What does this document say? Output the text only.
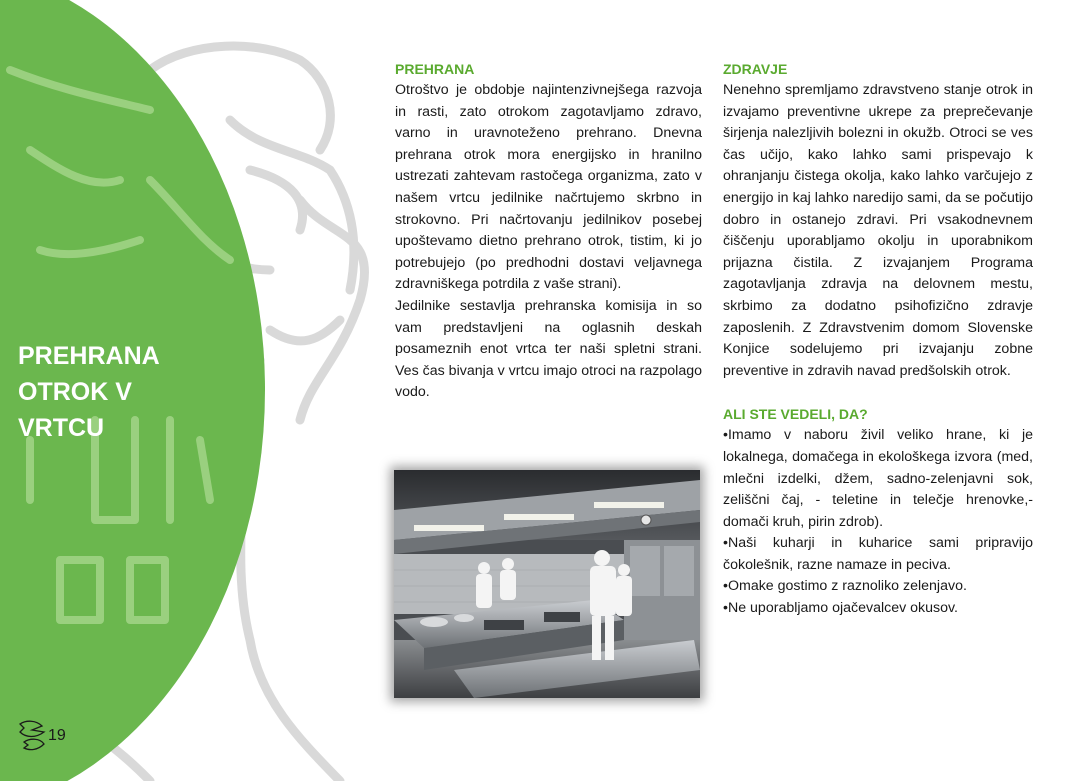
PREHRANA
OTROK V
VRTCU
19
PREHRANA

Otroštvo je obdobje najintenzivnejšega razvoja in rasti, zato otrokom zagotavljamo zdravo, varno in uravnoteženo prehrano. Dnevna prehrana otrok mora energijsko in hranilno ustrezati zahtevam rastočega organizma, zato v našem vrtcu jedilnike načrtujemo skrbno in strokovno. Pri načrtovanju jedilnikov posebej upoštevamo dietno prehrano otrok, tistim, ki jo potrebujejo (po predhodni dostavi veljavnega zdravniškega potrdila z vaše strani).

Jedilnike sestavlja prehranska komisija in so vam predstavljeni na oglasnih deskah posameznih enot vrtca ter naši spletni strani. Ves čas bivanja v vrtcu imajo otroci na razpolago vodo.

ZDRAVJE

Nenehno spremljamo zdravstveno stanje otrok in izvajamo preventivne ukrepe za preprečevanje širjenja nalezljivih bolezni in okužb. Otroci se ves čas učijo, kako lahko sami prispevajo k ohranjanju čistega okolja, kako lahko varčujejo z energijo in kaj lahko naredijo sami, da se počutijo dobro in ostanejo zdravi. Pri vsakodnevnem čiščenju uporabljamo okolju in uporabnikom prijazna čistila. Z izvajanjem Programa zagotavljanja zdravja na delovnem mestu, skrbimo za dodatno psihofizično zdravje zaposlenih. Z Zdravstvenim domom Slovenske Konjice sodelujemo pri izvajanju zobne preventive in zdravih navad predšolskih otrok.

ALI STE VEDELI, DA?
•Imamo v naboru živil veliko hrane, ki je lokalnega, domačega in ekološkega izvora (med, mlečni izdelki, džem, sadno-zelenjavni sok, zeliščni čaj, - teletine in telečje hrenovke,- domači kruh, pirin zdrob).
•Naši kuharji in kuharice sami pripravijo čokolešnik, razne namaze in peciva.
•Omake gostimo z raznoliko zelenjavo.
•Ne uporabljamo ojačevalcev okusov.
